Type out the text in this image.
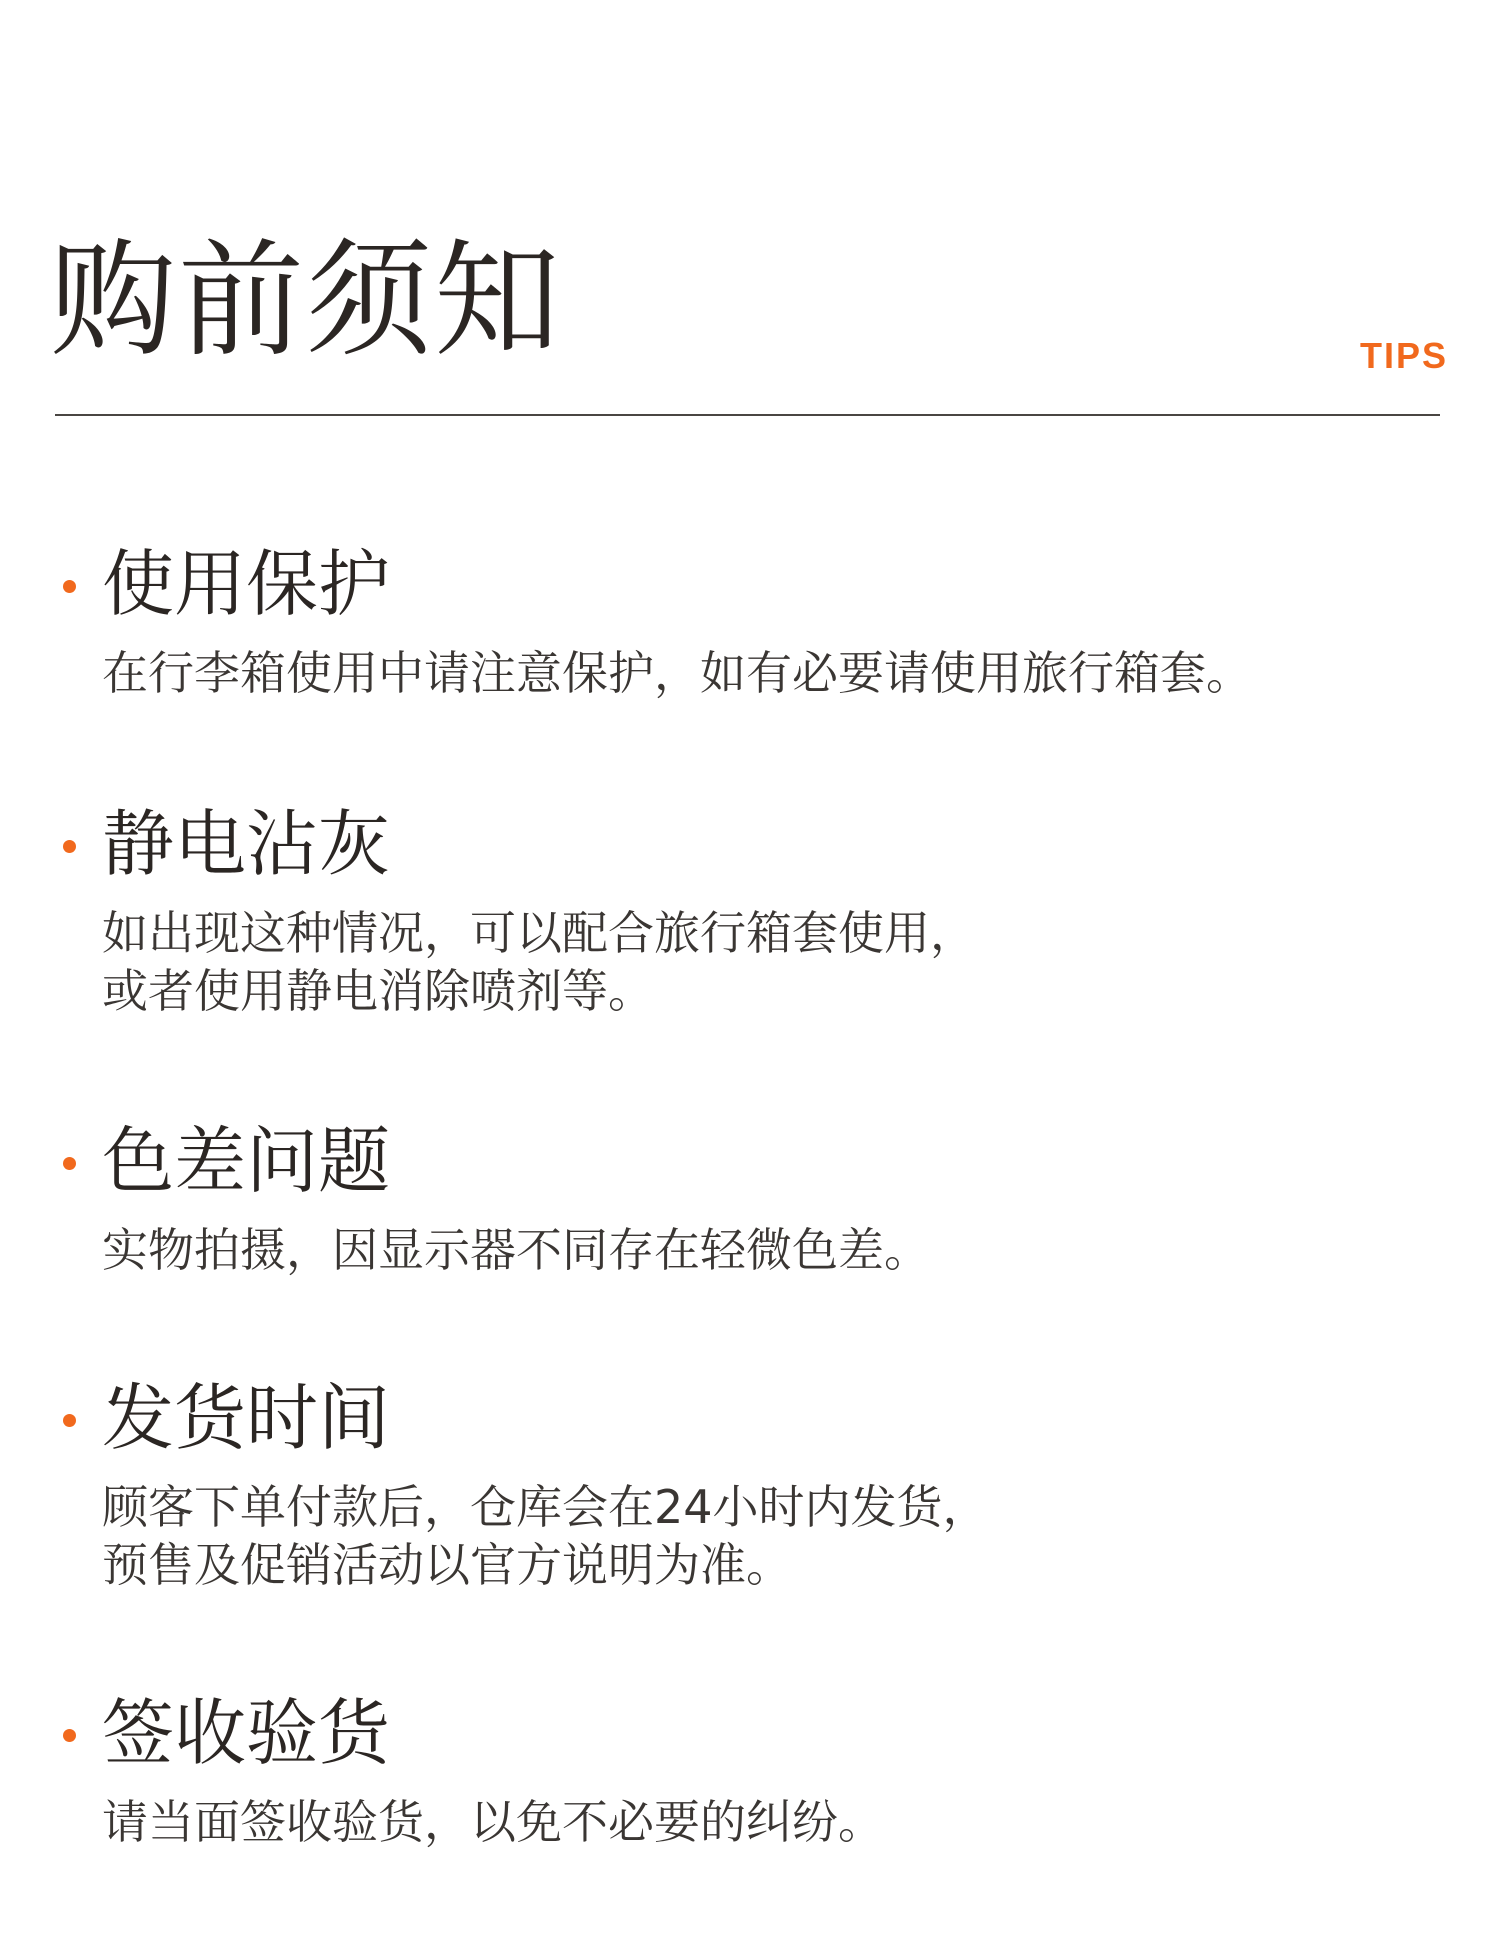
购前须知	TIPS
使用保护
在行李箱使用中请注意保护，如有必要请使用旅行箱套。
静电沾灰
如出现这种情况，可以配合旅行箱套使用，
或者使用静电消除喷剂等。
色差问题
实物拍摄，因显示器不同存在轻微色差。
发货时间
顾客下单付款后，仓库会在24小时内发货，
预售及促销活动以官方说明为准。
签收验货
请当面签收验货，以免不必要的纠纷。
